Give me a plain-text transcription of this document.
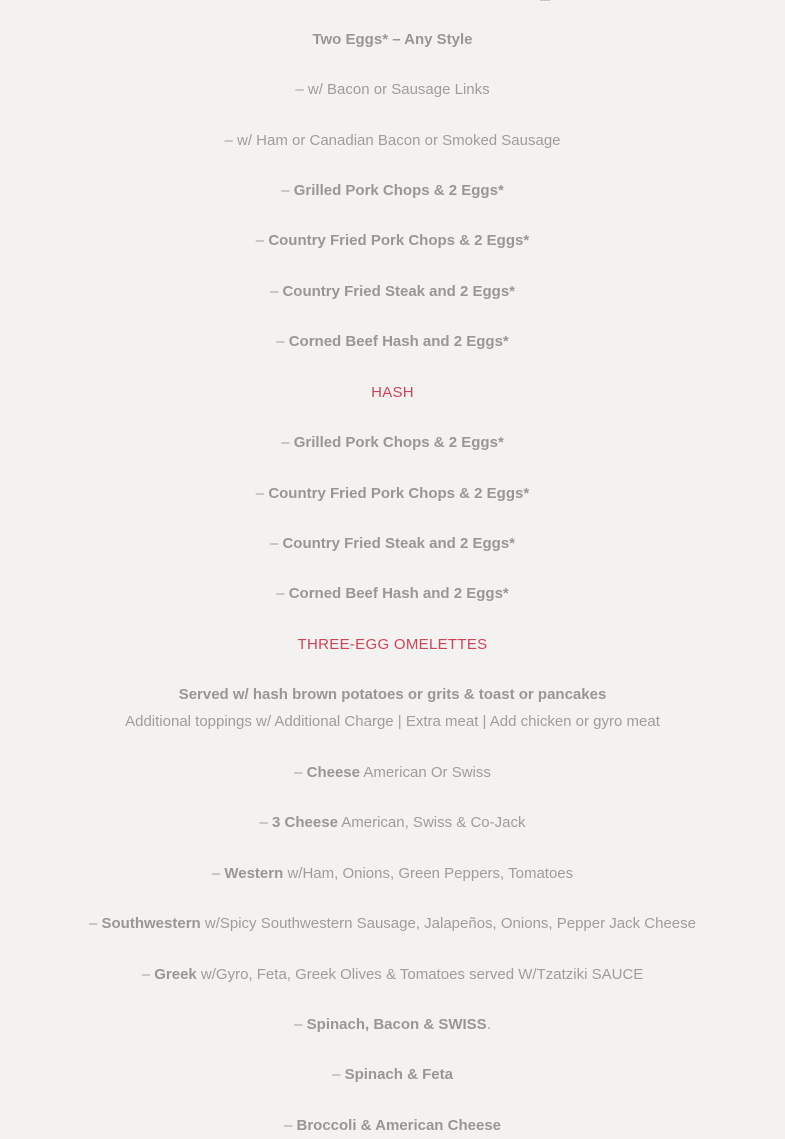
Two Eggs* – Any Style
– w/ Bacon or Sausage Links
– w/ Ham or Canadian Bacon or Smoked Sausage
– Grilled Pork Chops & 2 Eggs*
– Country Fried Pork Chops & 2 Eggs*
– Country Fried Steak and 2 Eggs*
– Corned Beef Hash and 2 Eggs*
HASH
– Grilled Pork Chops & 2 Eggs*
– Country Fried Pork Chops & 2 Eggs*
– Country Fried Steak and 2 Eggs*
– Corned Beef Hash and 2 Eggs*
THREE-EGG OMELETTES
Served w/ hash brown potatoes or grits & toast or pancakes
Additional toppings w/ Additional Charge | Extra meat | Add chicken or gyro meat
– Cheese American Or Swiss
– 3 Cheese American, Swiss & Co-Jack
– Western w/Ham, Onions, Green Peppers, Tomatoes
– Southwestern w/Spicy Southwestern Sausage, Jalapeños, Onions, Pepper Jack Cheese
– Greek w/Gyro, Feta, Greek Olives & Tomatoes served W/Tzatziki SAUCE
– Spinach, Bacon & SWISS.
– Spinach & Feta
– Broccoli & American Cheese
